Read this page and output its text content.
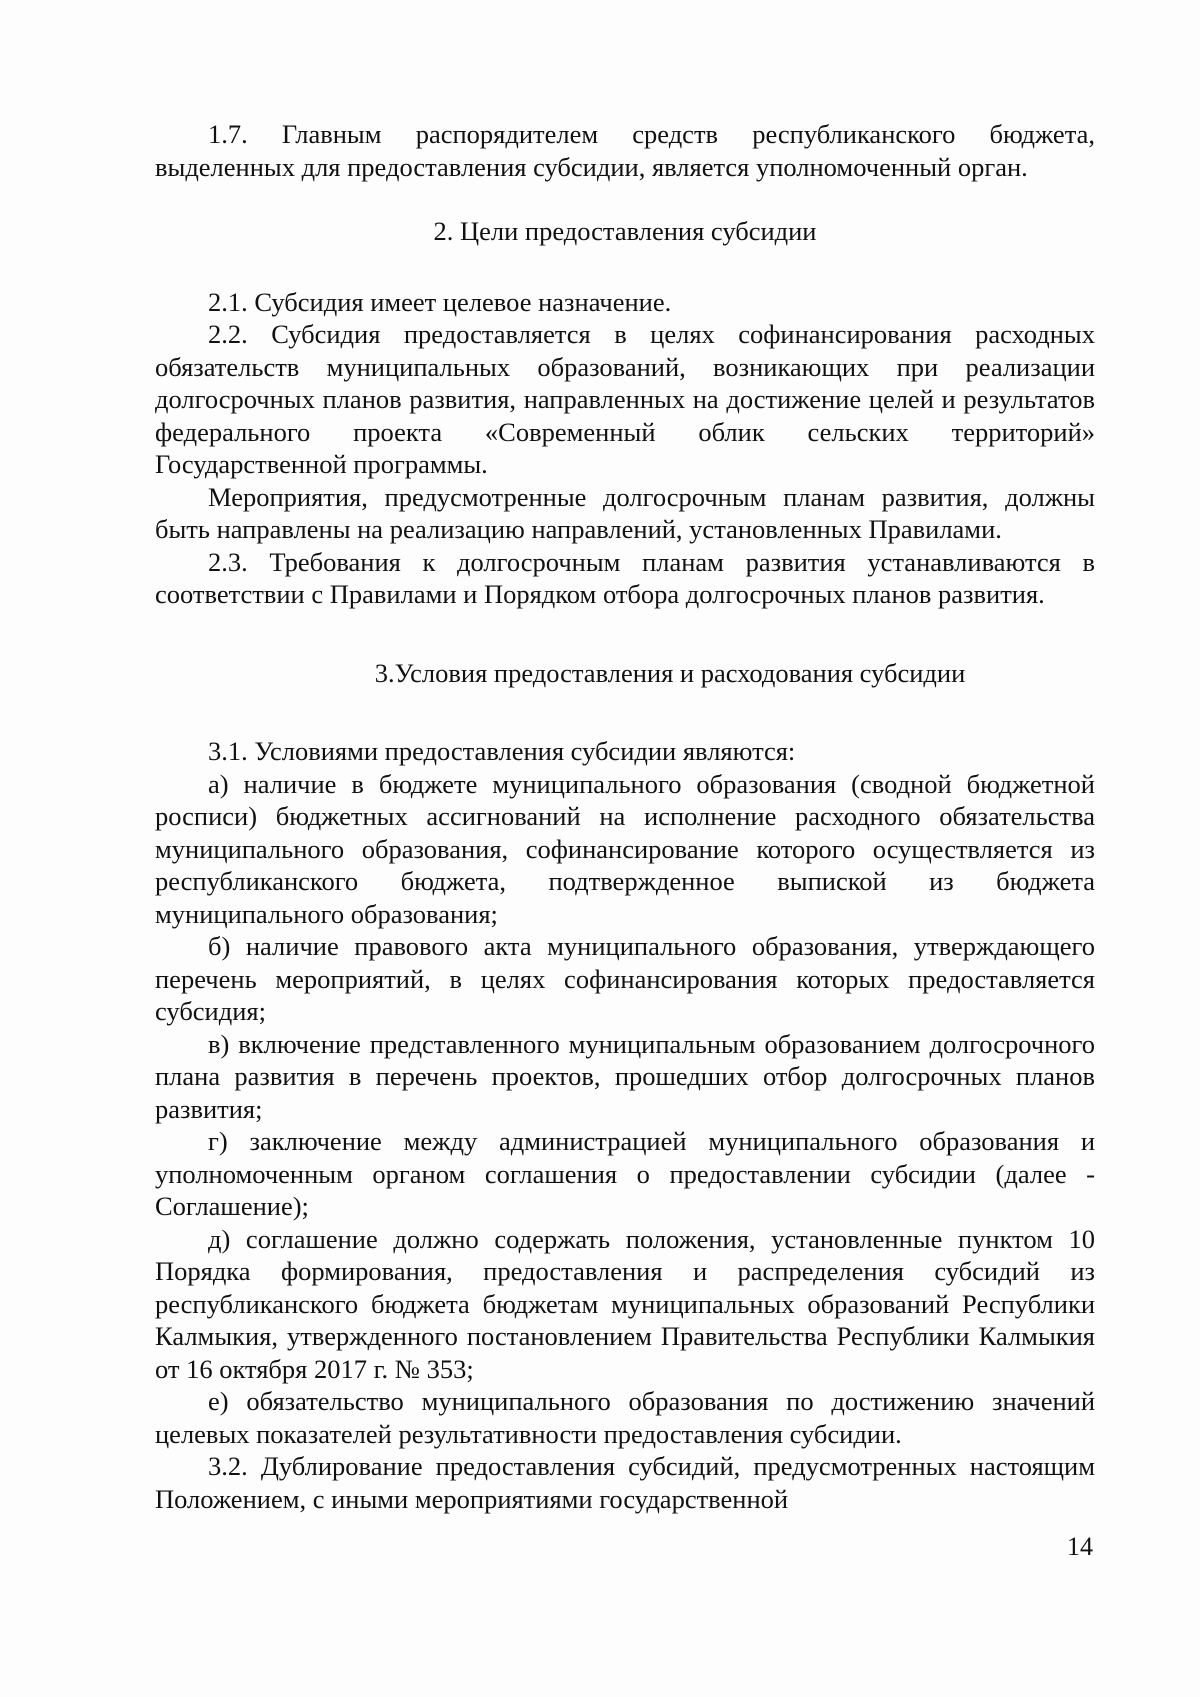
1.7. Главным распорядителем средств республиканского бюджета, выделенных для предоставления субсидии, является уполномоченный орган.

2. Цели предоставления субсидии

2.1. Субсидия имеет целевое назначение.

2.2. Субсидия предоставляется в целях софинансирования расходных обязательств муниципальных образований, возникающих при реализации долгосрочных планов развития, направленных на достижение целей и результатов федерального проекта «Современный облик сельских территорий» Государственной программы.

Мероприятия, предусмотренные долгосрочным планам развития, должны быть направлены на реализацию направлений, установленных Правилами.

2.3. Требования к долгосрочным планам развития устанавливаются в соответствии с Правилами и Порядком отбора долгосрочных планов развития.

3.Условия предоставления и расходования субсидии

3.1. Условиями предоставления субсидии являются:

а) наличие в бюджете муниципального образования (сводной бюджетной росписи) бюджетных ассигнований на исполнение расходного обязательства муниципального образования, софинансирование которого осуществляется из республиканского бюджета, подтвержденное выпиской из бюджета муниципального образования;

б) наличие правового акта муниципального образования, утверждающего перечень мероприятий, в целях софинансирования которых предоставляется субсидия;

в) включение представленного муниципальным образованием долгосрочного плана развития в перечень проектов, прошедших отбор долгосрочных планов развития;

г) заключение между администрацией муниципального образования и уполномоченным органом соглашения о предоставлении субсидии (далее - Соглашение);

д) соглашение должно содержать положения, установленные пунктом 10 Порядка формирования, предоставления и распределения субсидий из республиканского бюджета бюджетам муниципальных образований Республики Калмыкия, утвержденного постановлением Правительства Республики Калмыкия от 16 октября 2017 г. № 353;

е) обязательство муниципального образования по достижению значений целевых показателей результативности предоставления субсидии.

3.2. Дублирование предоставления субсидий, предусмотренных настоящим Положением, с иными мероприятиями государственной

14
